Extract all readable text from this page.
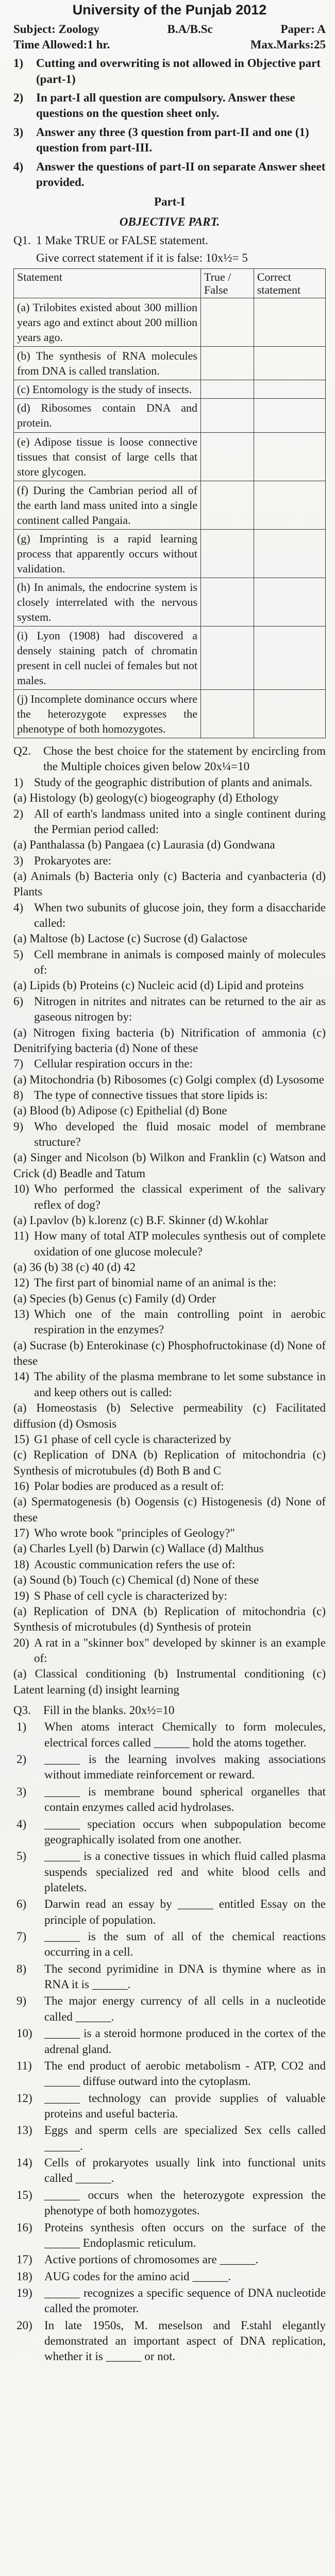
University of the Punjab 2012
Subject: Zoology	B.A/B.Sc	Paper: A
Time Allowed:1 hr.	Max.Marks:25
1)	Cutting and overwriting is not allowed in Objective part (part-1)
2)	In part-I all question are compulsory. Answer these questions on the question sheet only.
3)	Answer any three (3 question from part-II and one (1) question from part-III.
4)	Answer the questions of part-II on separate Answer sheet provided.
Part-I
OBJECTIVE PART.
Q1. 1 Make TRUE or FALSE statement.
Give correct statement if it is false: 10x½= 5
Statement	True / False	Correct statement
(a) Trilobites existed about 300 million years ago and extinct about 200 million years ago.		
(b) The synthesis of RNA molecules from DNA is called translation.		
(c) Entomology is the study of insects.		
(d) Ribosomes contain DNA and protein.		
(e) Adipose tissue is loose connective tissues that consist of large cells that store glycogen.		
(f) During the Cambrian period all of the earth land mass united into a single continent called Pangaia.		
(g) Imprinting is a rapid learning process that apparently occurs without validation.		
(h) In animals, the endocrine system is closely interrelated with the nervous system.		
(i) Lyon (1908) had discovered a densely staining patch of chromatin present in cell nuclei of females but not males.		
(j) Incomplete dominance occurs where the heterozygote expresses the phenotype of both homozygotes.		
Q2.	Chose the best choice for the statement by encircling from the Multiple choices given below 20x¼=10
1) Study of the geographic distribution of plants and animals.
(a) Histology (b) geology(c) biogeography (d) Ethology
2) All of earth's landmass united into a single continent during the Permian period called:
(a) Panthalassa (b) Pangaea (c) Laurasia (d) Gondwana
3) Prokaryotes are:
(a) Animals (b) Bacteria only (c) Bacteria and cyanbacteria (d) Plants
4) When two subunits of glucose join, they form a disaccharide called:
(a) Maltose (b) Lactose (c) Sucrose (d) Galactose
5) Cell membrane in animals is composed mainly of molecules of:
(a) Lipids (b) Proteins (c) Nucleic acid (d) Lipid and proteins
6) Nitrogen in nitrites and nitrates can be returned to the air as gaseous nitrogen by:
(a) Nitrogen fixing bacteria (b) Nitrification of ammonia (c) Denitrifying bacteria (d) None of these
7) Cellular respiration occurs in the:
(a) Mitochondria (b) Ribosomes (c) Golgi complex (d) Lysosome
8) The type of connective tissues that store lipids is:
(a) Blood (b) Adipose (c) Epithelial (d) Bone
9) Who developed the fluid mosaic model of membrane structure?
(a) Singer and Nicolson (b) Wilkon and Franklin (c) Watson and Crick (d) Beadle and Tatum
10) Who performed the classical experiment of the salivary reflex of dog?
(a) I.pavlov (b) k.lorenz (c) B.F. Skinner (d) W.kohlar
11) How many of total ATP molecules synthesis out of complete oxidation of one glucose molecule?
(a) 36 (b) 38 (c) 40 (d) 42
12) The first part of binomial name of an animal is the:
(a) Species (b) Genus (c) Family (d) Order
13) Which one of the main controlling point in aerobic respiration in the enzymes?
(a) Sucrase (b) Enterokinase (c) Phosphofructokinase (d) None of these
14) The ability of the plasma membrane to let some substance in and keep others out is called:
(a) Homeostasis (b) Selective permeability (c) Facilitated diffusion (d) Osmosis
15) G1 phase of cell cycle is characterized by
(c) Replication of DNA (b) Replication of mitochondria (c) Synthesis of microtubules (d) Both B and C
16) Polar bodies are produced as a result of:
(a) Spermatogenesis (b) Oogensis (c) Histogenesis (d) None of these
17) Who wrote book "principles of Geology?"
(a) Charles Lyell (b) Darwin (c) Wallace (d) Malthus
18) Acoustic communication refers the use of:
(a) Sound (b) Touch (c) Chemical (d) None of these
19) S Phase of cell cycle is characterized by:
(a) Replication of DNA (b) Replication of mitochondria (c) Synthesis of microtubules (d) Synthesis of protein
20) A rat in a "skinner box" developed by skinner is an example of:
(a) Classical conditioning (b) Instrumental conditioning (c) Latent learning (d) insight learning
Q3.	Fill in the blanks. 20x½=10
1)	When atoms interact Chemically to form molecules, electrical forces called ______ hold the atoms together.
2)	______ is the learning involves making associations without immediate reinforcement or reward.
3)	______ is membrane bound spherical organelles that contain enzymes called acid hydrolases.
4)	______ speciation occurs when subpopulation become geographically isolated from one another.
5)	______ is a conective tissues in which fluid called plasma suspends specialized red and white blood cells and platelets.
6)	Darwin read an essay by ______ entitled Essay on the principle of population.
7)	______ is the sum of all of the chemical reactions occurring in a cell.
8)	The second pyrimidine in DNA is thymine where as in RNA it is ______.
9)	The major energy currency of all cells in a nucleotide called ______.
10)	______ is a steroid hormone produced in the cortex of the adrenal gland.
11)	The end product of aerobic metabolism - ATP, CO2 and ______ diffuse outward into the cytoplasm.
12)	______ technology can provide supplies of valuable proteins and useful bacteria.
13)	Eggs and sperm cells are specialized Sex cells called ______.
14)	Cells of prokaryotes usually link into functional units called ______.
15)	______ occurs when the heterozygote expression the phenotype of both homozygotes.
16)	Proteins synthesis often occurs on the surface of the ______ Endoplasmic reticulum.
17)	Active portions of chromosomes are ______.
18)	AUG codes for the amino acid ______.
19)	______ recognizes a specific sequence of DNA nucleotide called the promoter.
20)	In late 1950s, M. meselson and F.stahl elegantly demonstrated an important aspect of DNA replication, whether it is ______ or not.
